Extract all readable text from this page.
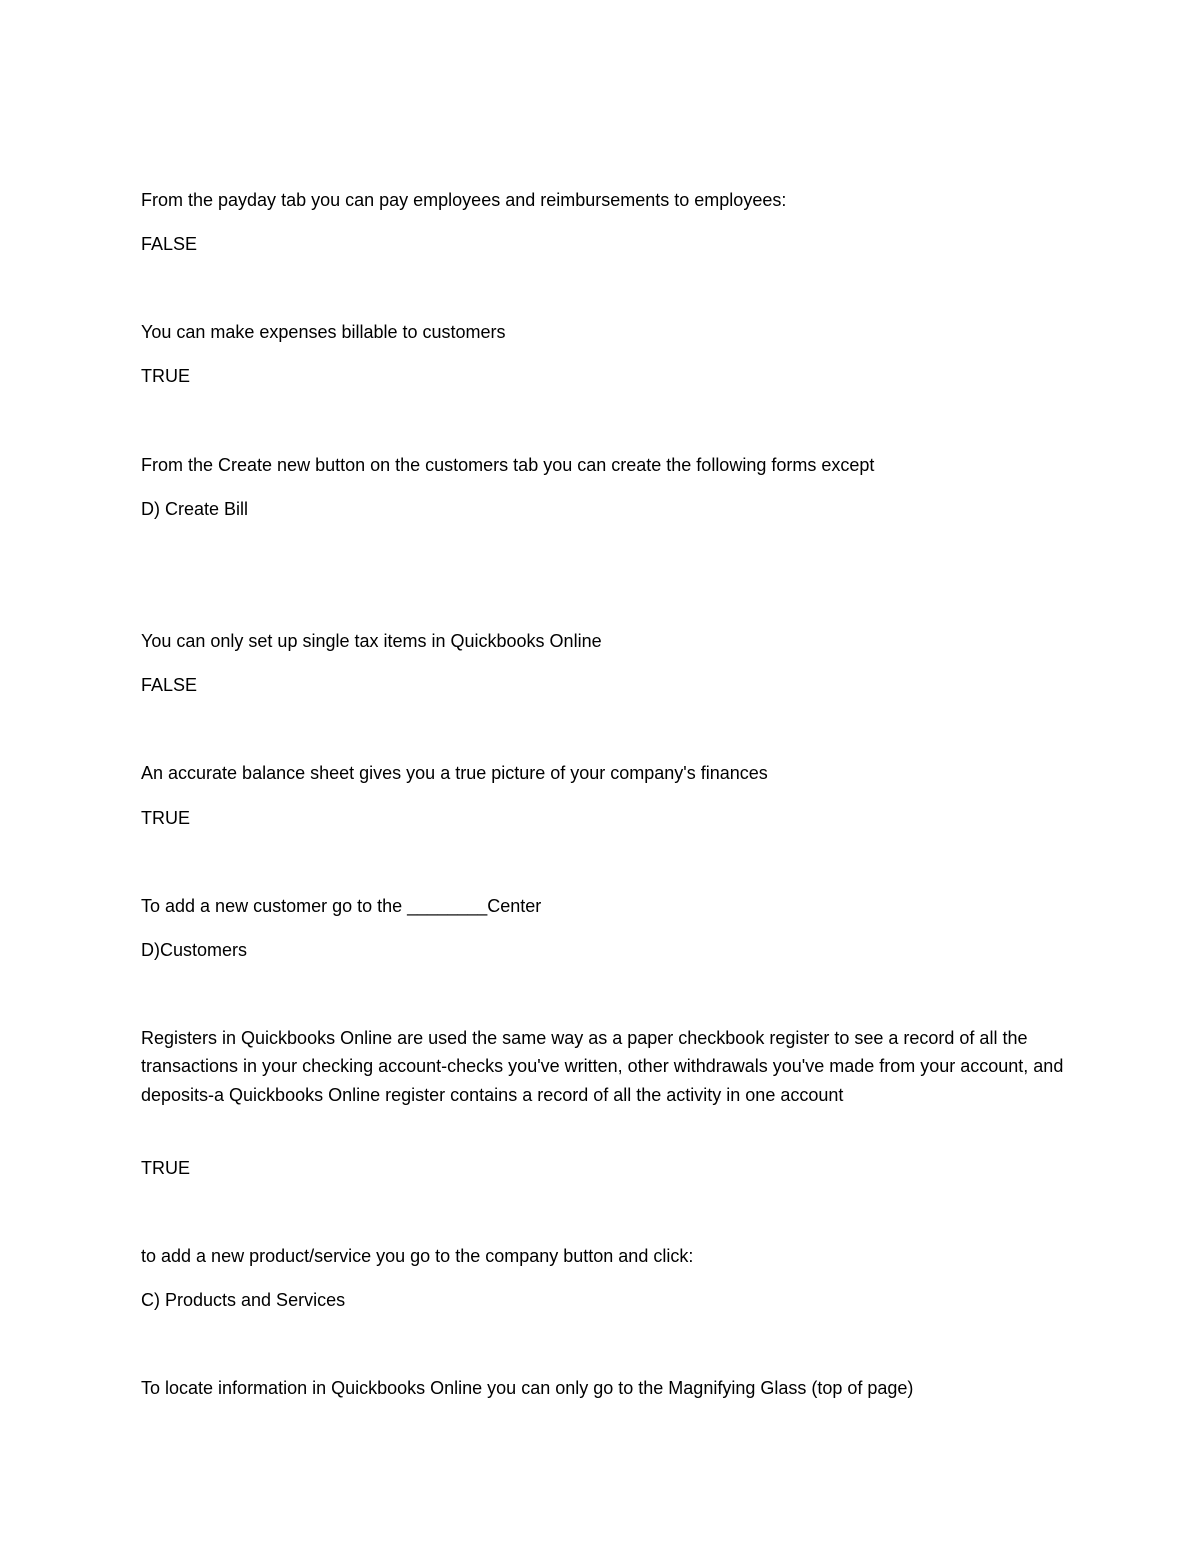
From the payday tab you can pay employees and reimbursements to employees:
FALSE
You can make expenses billable to customers
TRUE
From the Create new button on the customers tab you can create the following forms except
D) Create Bill
You can only set up single tax items in Quickbooks Online
FALSE
An accurate balance sheet gives you a true picture of your company's finances
TRUE
To add a new customer go to the ________Center
D)Customers
Registers in Quickbooks Online are used the same way as a paper checkbook register to see a record of all the transactions in your checking account-checks you've written, other withdrawals you've made from your account, and deposits-a Quickbooks Online register contains a record of all the activity in one account
TRUE
to add a new product/service you go to the company button and click:
C) Products and Services
To locate information in Quickbooks Online you can only go to the Magnifying Glass (top of page)
